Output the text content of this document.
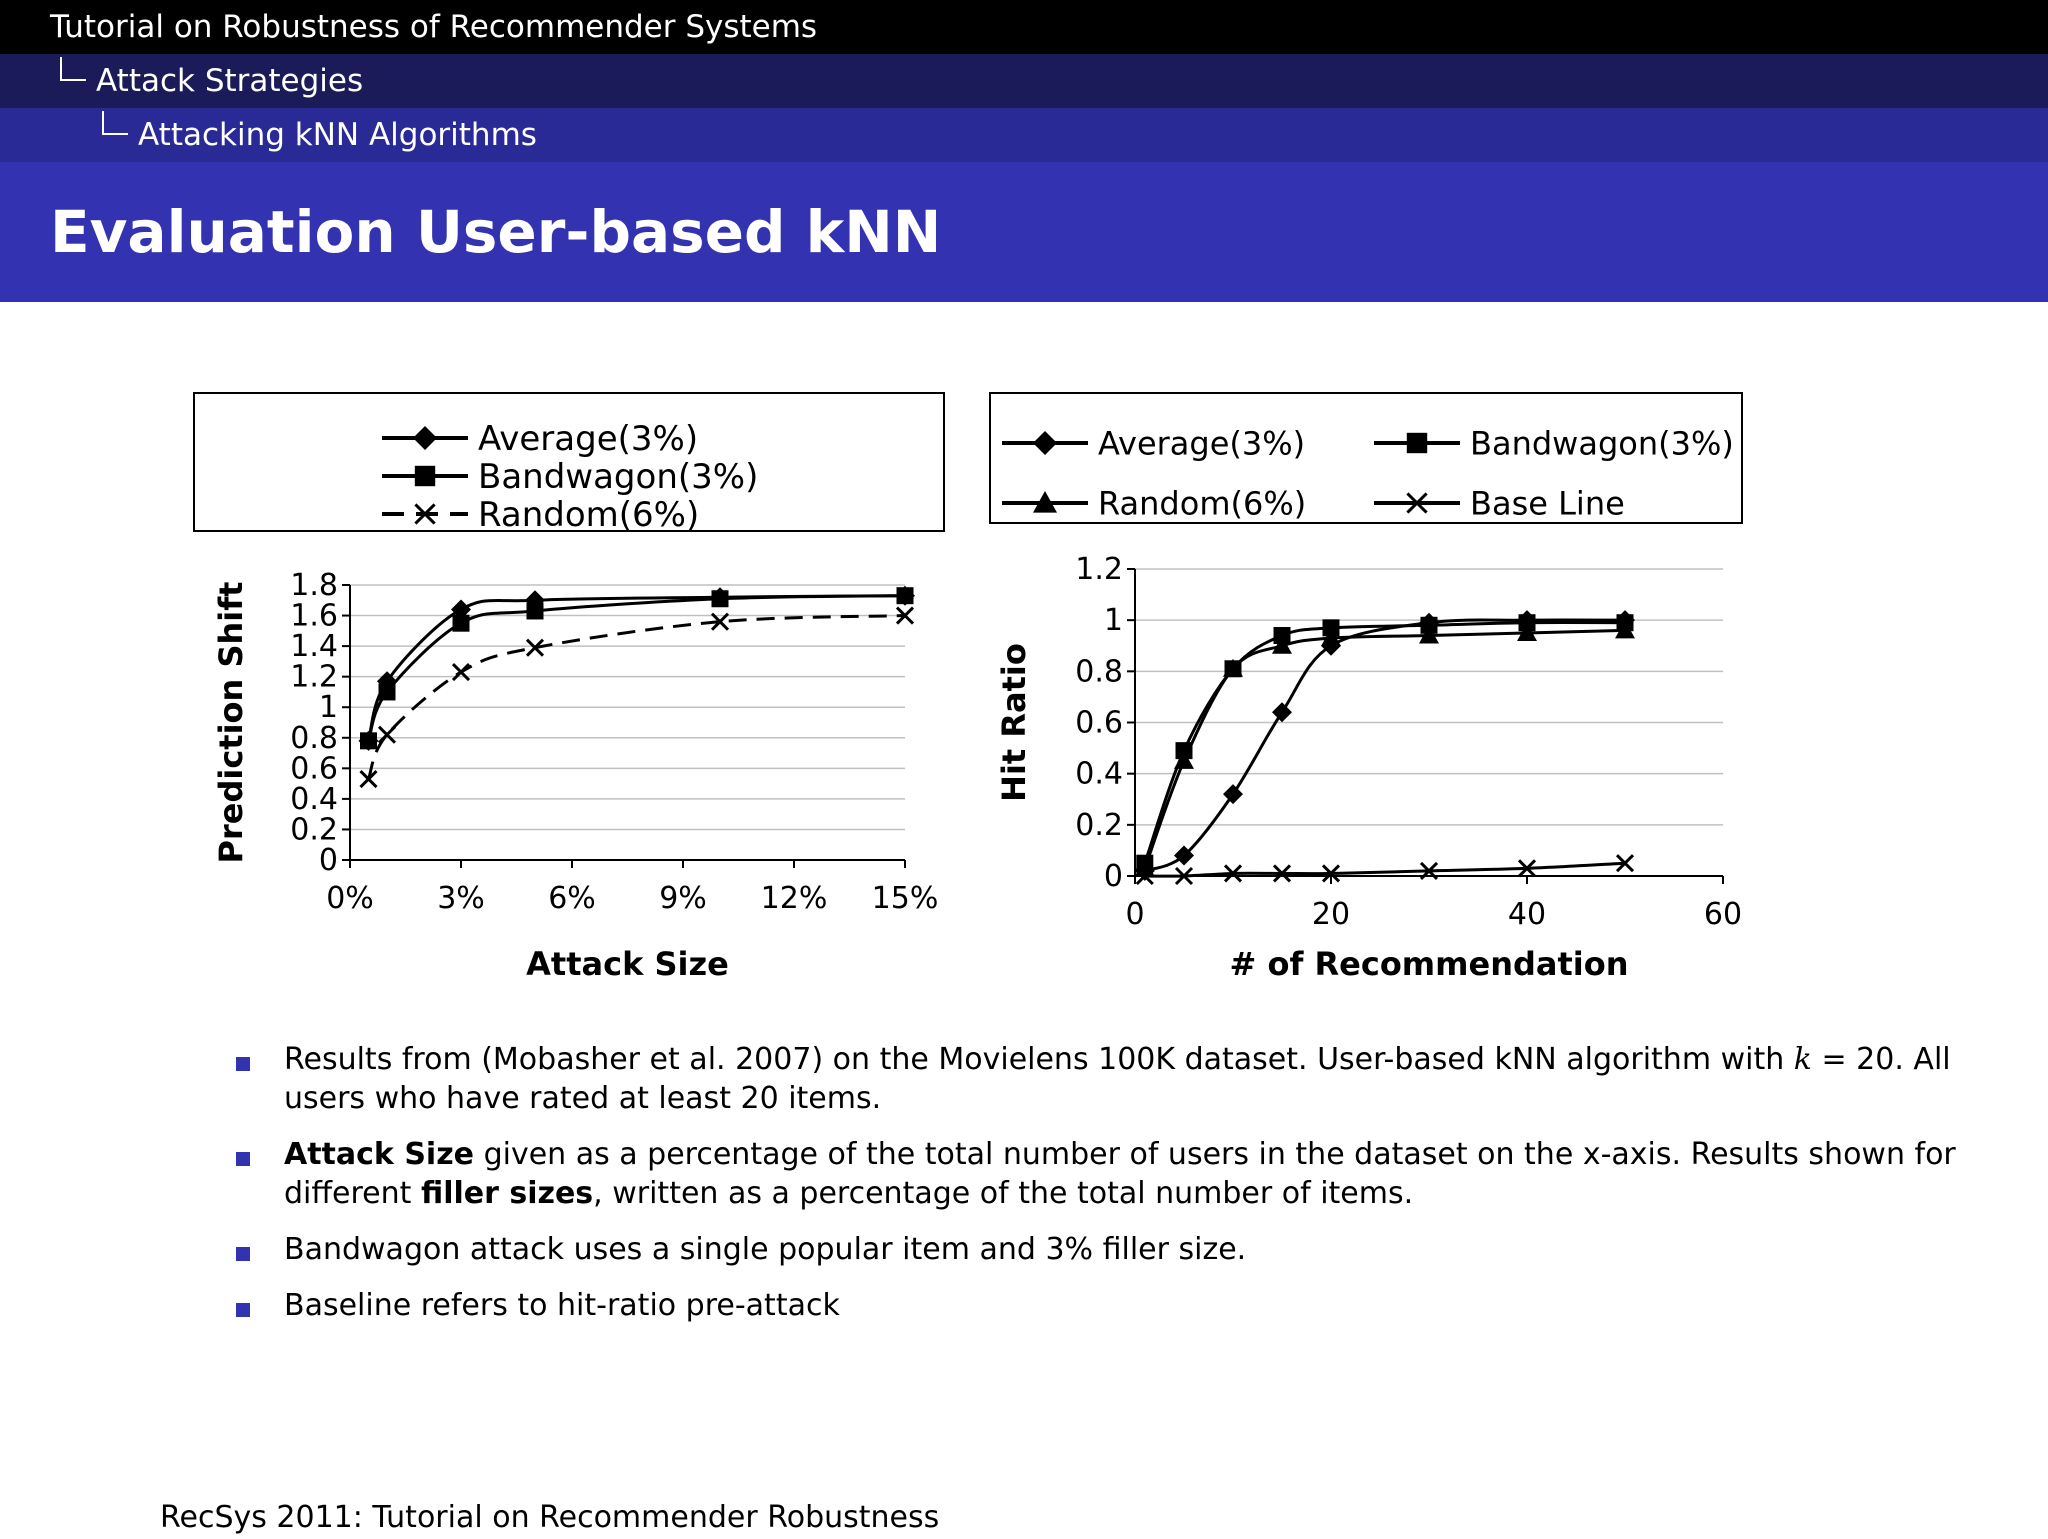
Tutorial on Robustness of Recommender Systems
Attack Strategies
Attacking kNN Algorithms
Evaluation User-based kNN
Average(3%)
Bandwagon(3%)
Random(6%)
0
0.2
0.4
0.6
0.8
1
1.2
1.4
1.6
1.8
0% 3% 6% 9% 12% 15%
Attack Size
Prediction Shift
Average(3%)	Bandwagon(3%)
Random(6%)	Base Line
0
0.2
0.4
0.6
0.8
1
1.2
0	20	40	60
# of Recommendation
Hit Ratio
Results from (Mobasher et al. 2007) on the Movielens 100K dataset. User-based kNN algorithm with k = 20. All users who have rated at least 20 items.
Attack Size given as a percentage of the total number of users in the dataset on the x-axis. Results shown for different filler sizes, written as a percentage of the total number of items.
Bandwagon attack uses a single popular item and 3% filler size.
Baseline refers to hit-ratio pre-attack
RecSys 2011: Tutorial on Recommender Robustness
